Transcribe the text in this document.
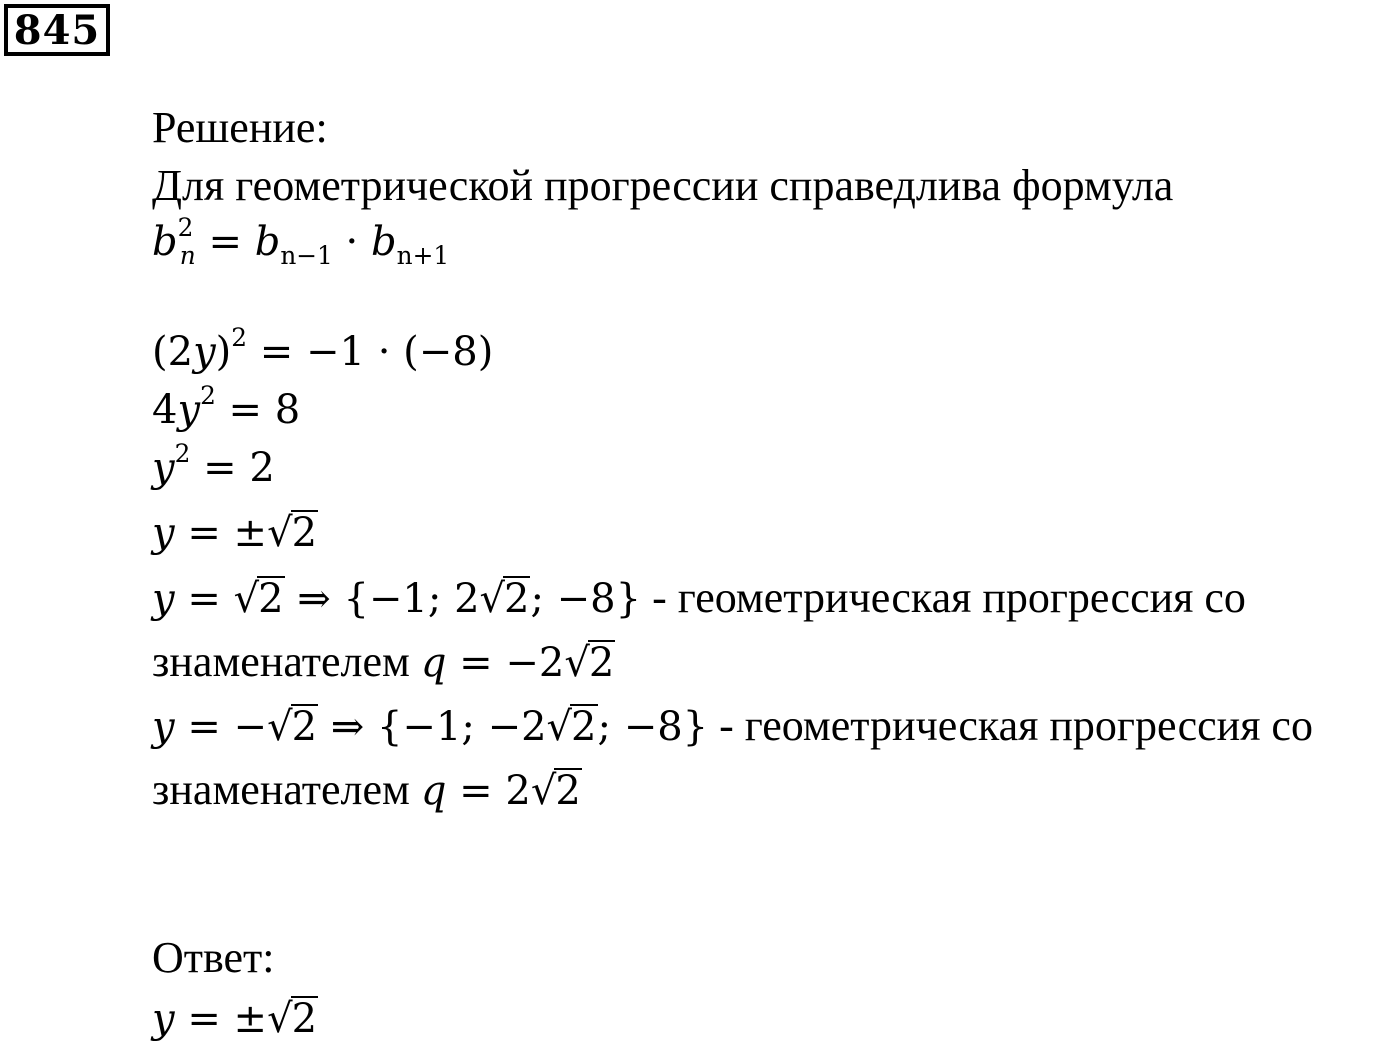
845
Решение:
Для геометрической прогрессии справедлива формула
$b^2_n = b_{n-1} \cdot b_{n+1}$
$(2y)^2 = -1 \cdot (-8)$
$4y^2 = 8$
$y^2 = 2$
y = ±√2
y = √2 ⇒ {−1; 2√2; −8} - геометрическая прогрессия со
знаменателем q = −2√2
y = −√2 ⇒ {−1; −2√2; −8} - геометрическая прогрессия со
знаменателем q = 2√2
Ответ:
y = ±√2
